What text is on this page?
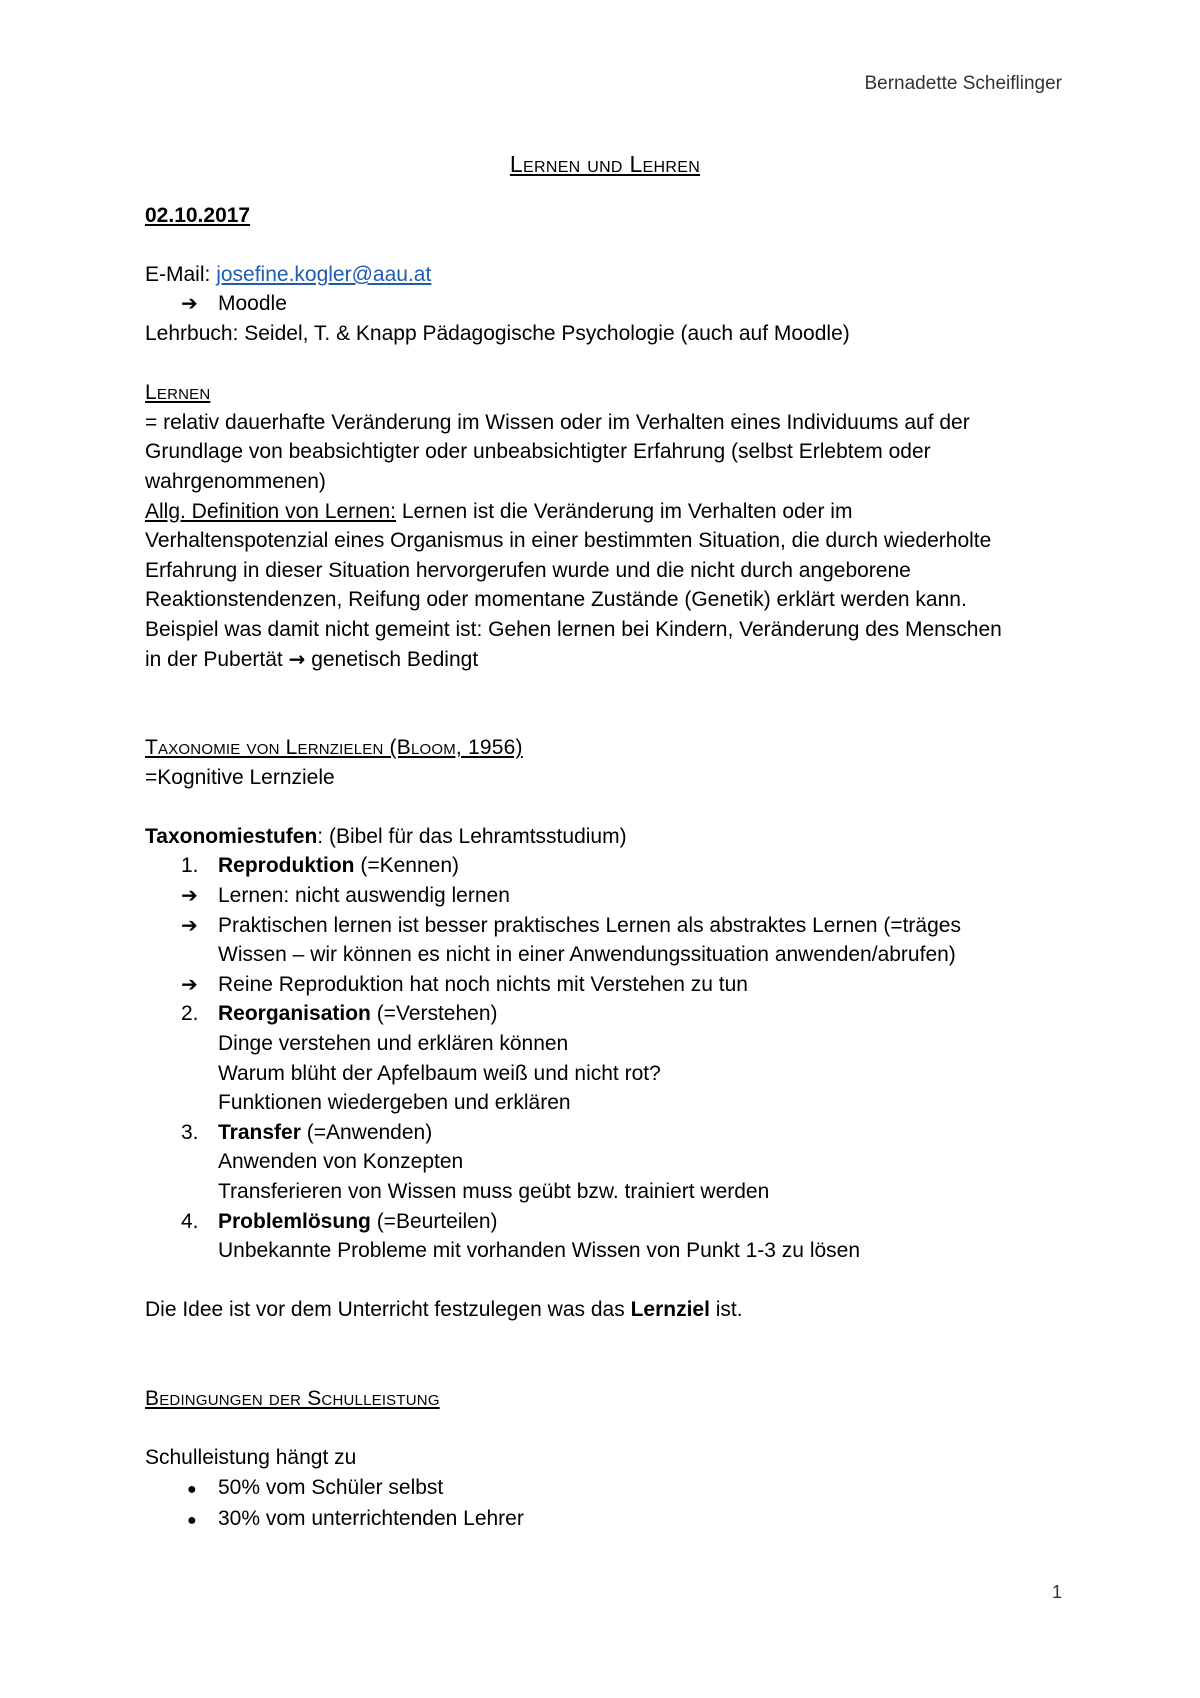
Bernadette Scheiflinger
Lernen und Lehren
02.10.2017
E-Mail: josefine.kogler@aau.at
➔ Moodle
Lehrbuch: Seidel, T. & Knapp Pädagogische Psychologie (auch auf Moodle)
Lernen
= relativ dauerhafte Veränderung im Wissen oder im Verhalten eines Individuums auf der
Grundlage von beabsichtigter oder unbeabsichtigter Erfahrung (selbst Erlebtem oder
wahrgenommenen)
Allg. Definition von Lernen: Lernen ist die Veränderung im Verhalten oder im
Verhaltenspotenzial eines Organismus in einer bestimmten Situation, die durch wiederholte
Erfahrung in dieser Situation hervorgerufen wurde und die nicht durch angeborene
Reaktionstendenzen, Reifung oder momentane Zustände (Genetik) erklärt werden kann.
Beispiel was damit nicht gemeint ist: Gehen lernen bei Kindern, Veränderung des Menschen
in der Pubertät → genetisch Bedingt
Taxonomie von Lernzielen (Bloom, 1956)
=Kognitive Lernziele
Taxonomiestufen: (Bibel für das Lehramtsstudium)
1. Reproduktion (=Kennen)
➔ Lernen: nicht auswendig lernen
➔ Praktischen lernen ist besser praktisches Lernen als abstraktes Lernen (=träges
Wissen – wir können es nicht in einer Anwendungssituation anwenden/abrufen)
➔ Reine Reproduktion hat noch nichts mit Verstehen zu tun
2. Reorganisation (=Verstehen)
Dinge verstehen und erklären können
Warum blüht der Apfelbaum weiß und nicht rot?
Funktionen wiedergeben und erklären
3. Transfer (=Anwenden)
Anwenden von Konzepten
Transferieren von Wissen muss geübt bzw. trainiert werden
4. Problemlösung (=Beurteilen)
Unbekannte Probleme mit vorhanden Wissen von Punkt 1-3 zu lösen
Die Idee ist vor dem Unterricht festzulegen was das Lernziel ist.
Bedingungen der Schulleistung
Schulleistung hängt zu
● 50% vom Schüler selbst
● 30% vom unterrichtenden Lehrer
1
